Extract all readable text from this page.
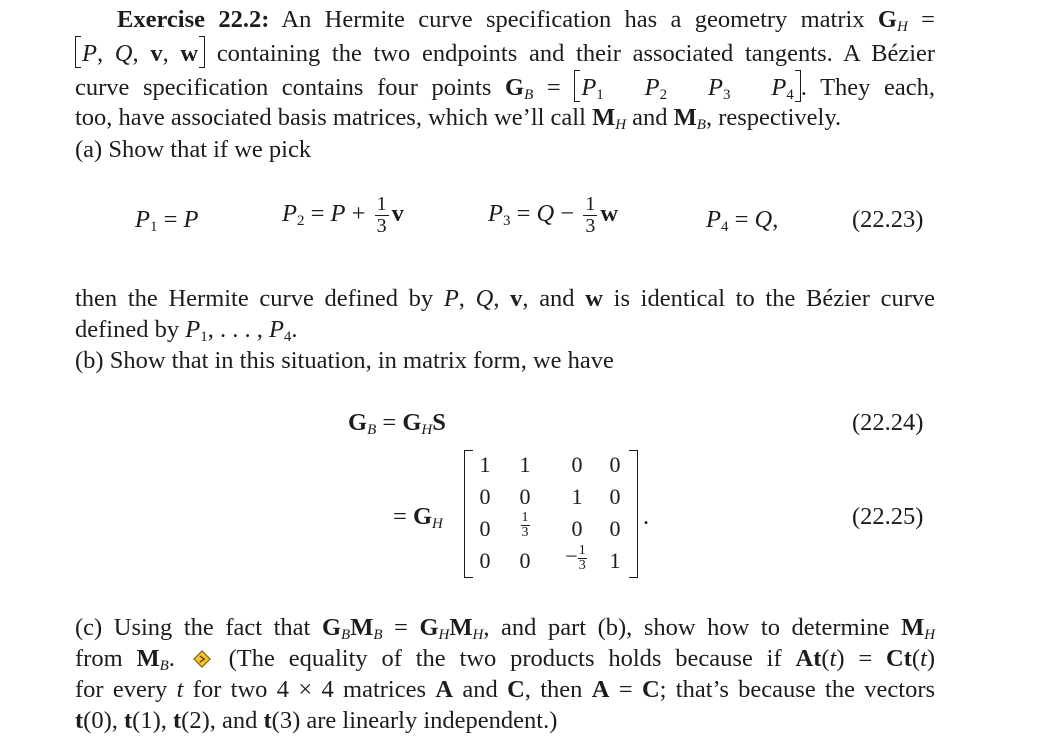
Exercise 22.2: An Hermite curve specification has a geometry matrix GH =
P, Q, v, w containing the two endpoints and their associated tangents. A Bézier
curve specification contains four points GB = $P_1$ $P_2$ $P_3$ $P_4$ . They each,
too, have associated basis matrices, which we’ll call MH and MB, respectively.
(a) Show that if we pick
$P_1 = P$	$P_2 = P + \frac{1}{3}$ v	$P_3 = Q - \frac{1}{3}$ w	$P_4 = Q$,	(22.23)
then the Hermite curve defined by P, Q, v, and w is identical to the Bézier curve
defined by $P_1$, . . . , $P_4$.
(b) Show that in this situation, in matrix form, we have
GB = GHS	(22.24)
= GH
1	1	0	0
0	0	1	0
0	$\frac{1}{3}$	0	0
0	0	− $\frac{1}{3}$	1
.	(22.25)
(c) Using the fact that GBMB = GHMH, and part (b), show how to determine MH
from MB.  (The equality of the two products holds because if At(t) = Ct(t)
for every t for two 4 × 4 matrices A and C, then A = C; that’s because the vectors
t(0), t(1), t(2), and t(3) are linearly independent.)
